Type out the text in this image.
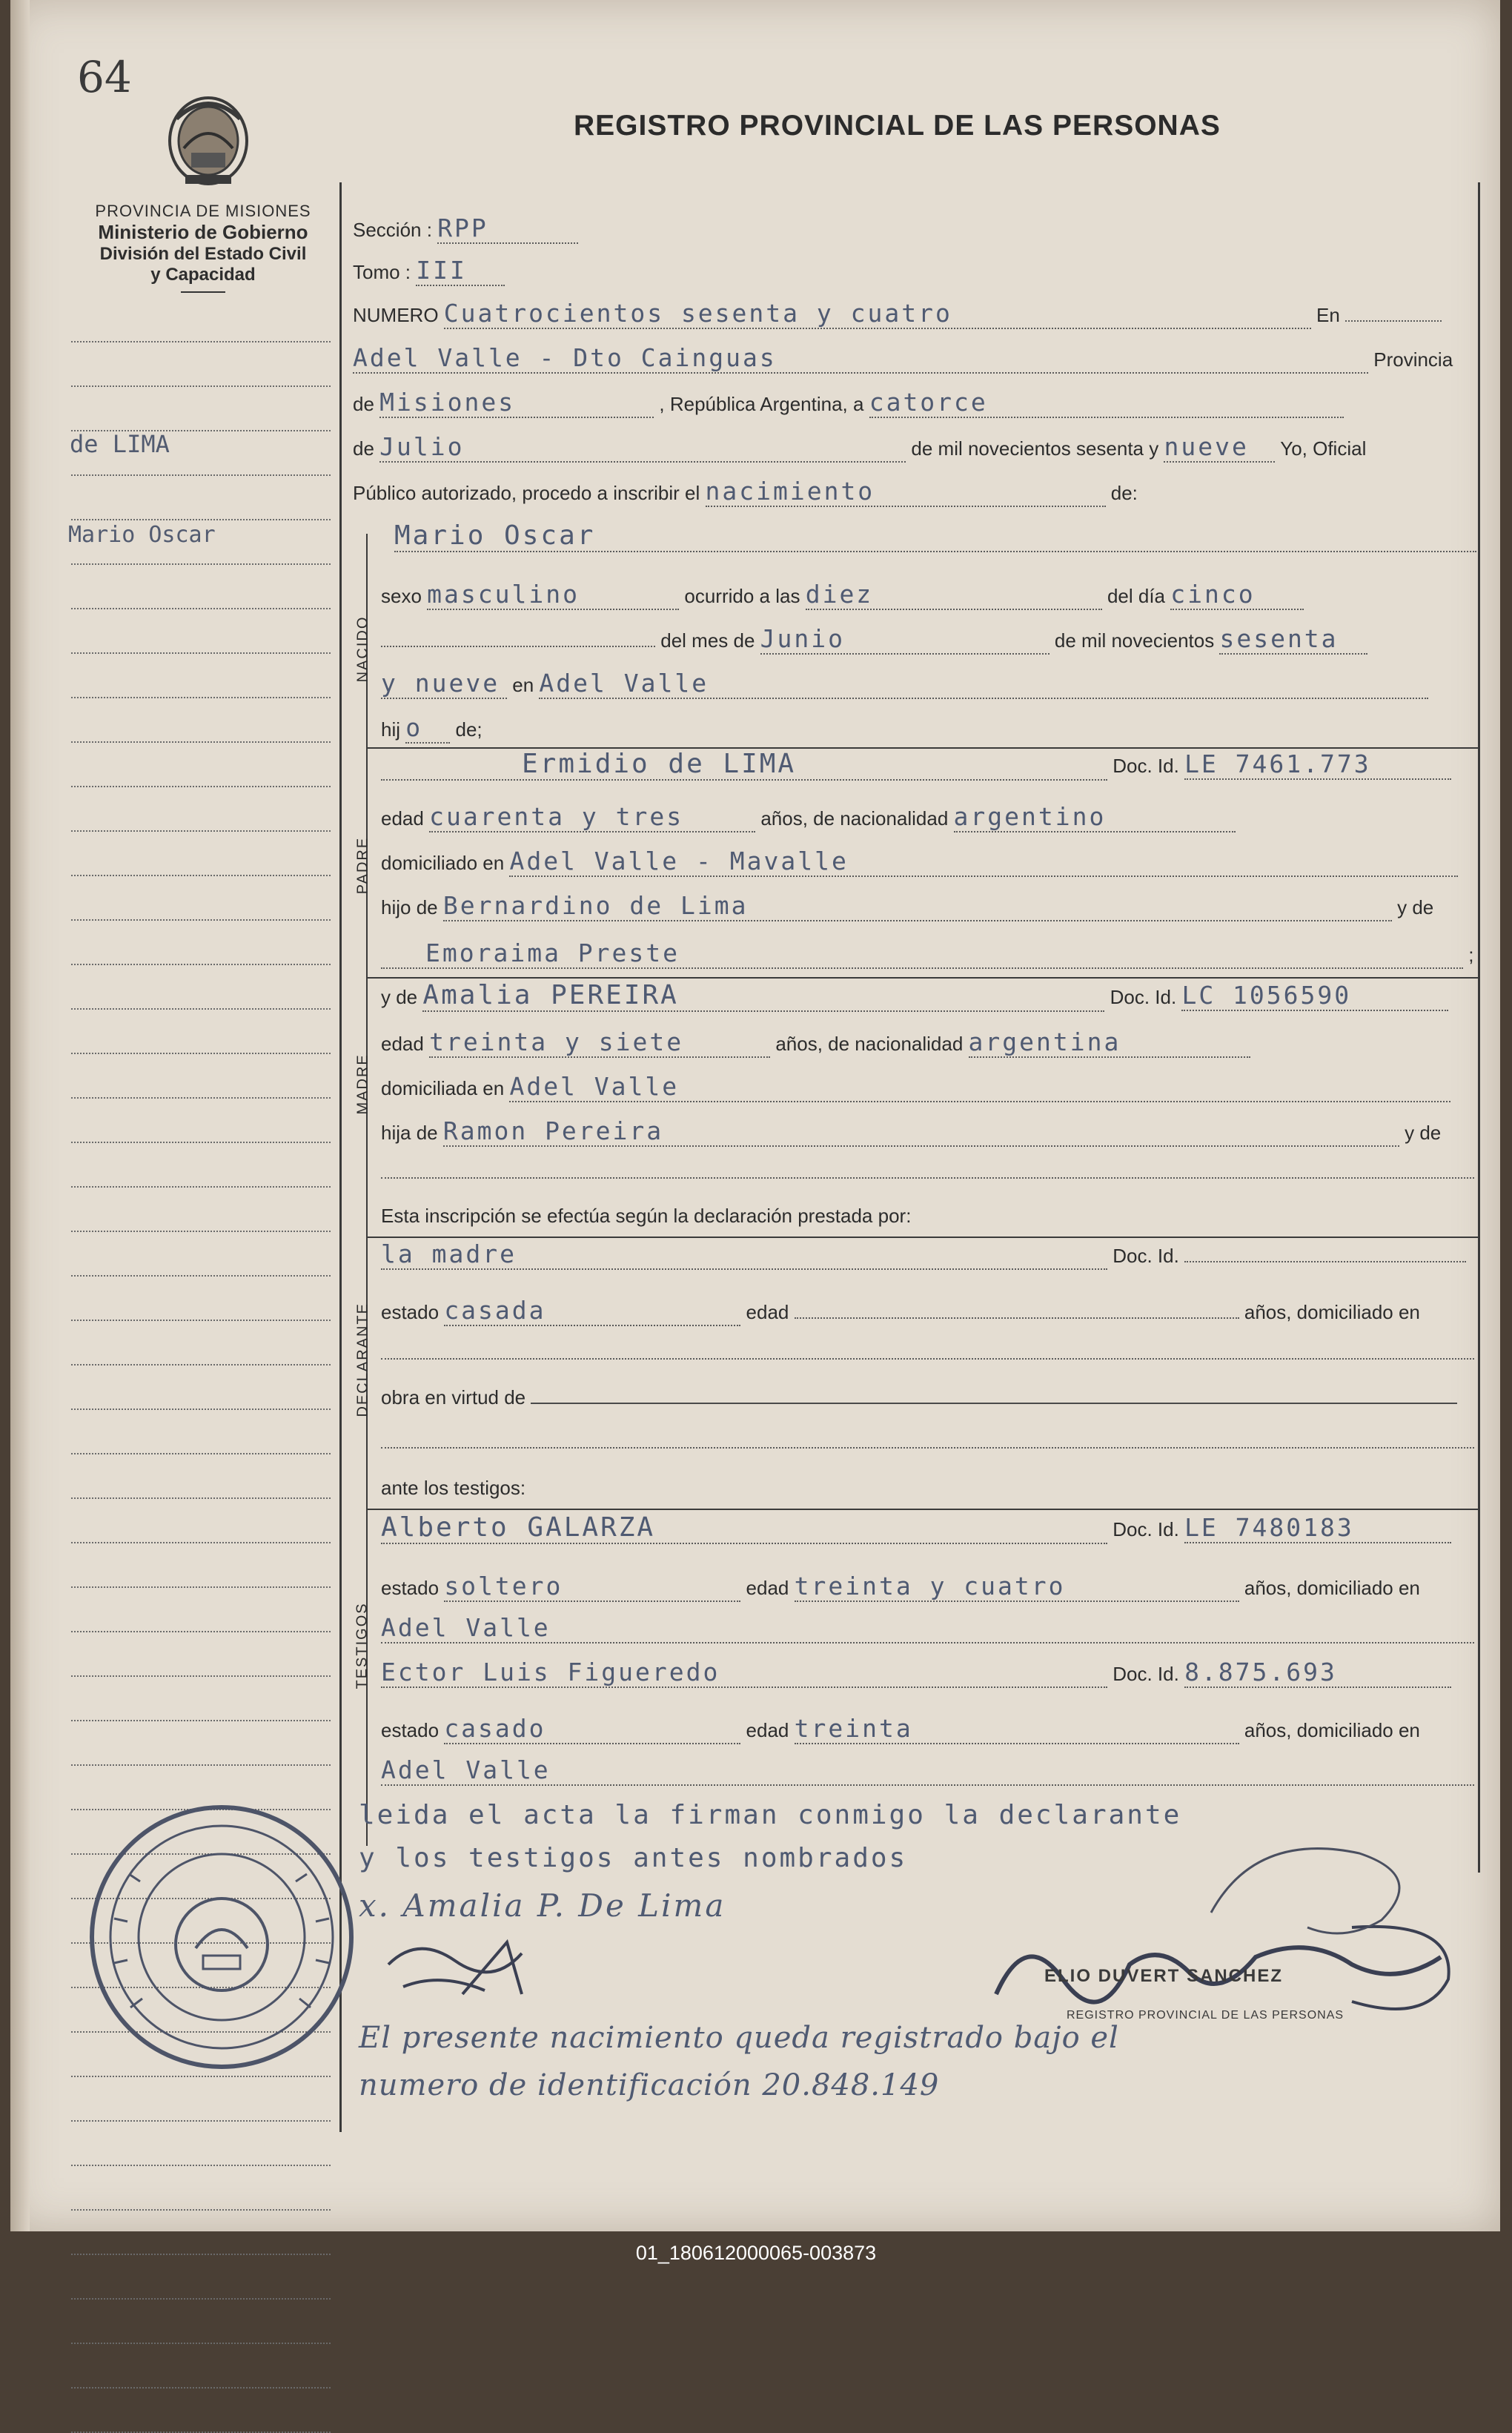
64
PROVINCIA DE MISIONES
Ministerio de Gobierno
División del Estado Civil
y Capacidad
de LIMA
Mario Oscar
REGISTRO PROVINCIAL DE LAS PERSONAS
Sección : RPP
Tomo : III
NUMERO Cuatrocientos sesenta y cuatro	En
Adel Valle - Dto Cainguas	Provincia
de Misiones	, República Argentina, a catorce
de Julio	de mil novecientos sesenta y nueve Yo, Oficial
Público autorizado, procedo a inscribir el nacimiento	de:
NACIDO
Mario Oscar
sexo masculino	ocurrido a las diez	del día cinco
del mes de Junio	de mil novecientos sesenta
y nueve en Adel Valle
hij o de;
PADRE
Ermidio de LIMA	Doc. Id. LE 7461.773
edad cuarenta y tres	años, de nacionalidad argentino
domiciliado en Adel Valle - Mavalle
hijo de Bernardino de Lima	y de
Emoraima Preste	;
MADRE
y de Amalia PEREIRA	Doc. Id. LC 1056590
edad treinta y siete	años, de nacionalidad argentina
domiciliada en Adel Valle
hija de Ramon Pereira	y de
Esta inscripción se efectúa según la declaración prestada por:
DECLARANTE
la madre	Doc. Id.
estado casada	edad	años, domiciliado en
obra en virtud de
ante los testigos:
TESTIGOS
Alberto GALARZA	Doc. Id. LE 7480183
estado soltero	edad treinta y cuatro	años, domiciliado en
Adel Valle
Ector Luis Figueredo	Doc. Id. 8.875.693
estado casado	edad treinta	años, domiciliado en
Adel Valle
leida el acta la firman conmigo la declarante
y los testigos antes nombrados
x. Amalia P. De Lima
El presente nacimiento queda registrado bajo el
numero de identificación 20.848.149
ELIO DUVERT SANCHEZ
REGISTRO PROVINCIAL DE LAS PERSONAS
01_180612000065-003873
